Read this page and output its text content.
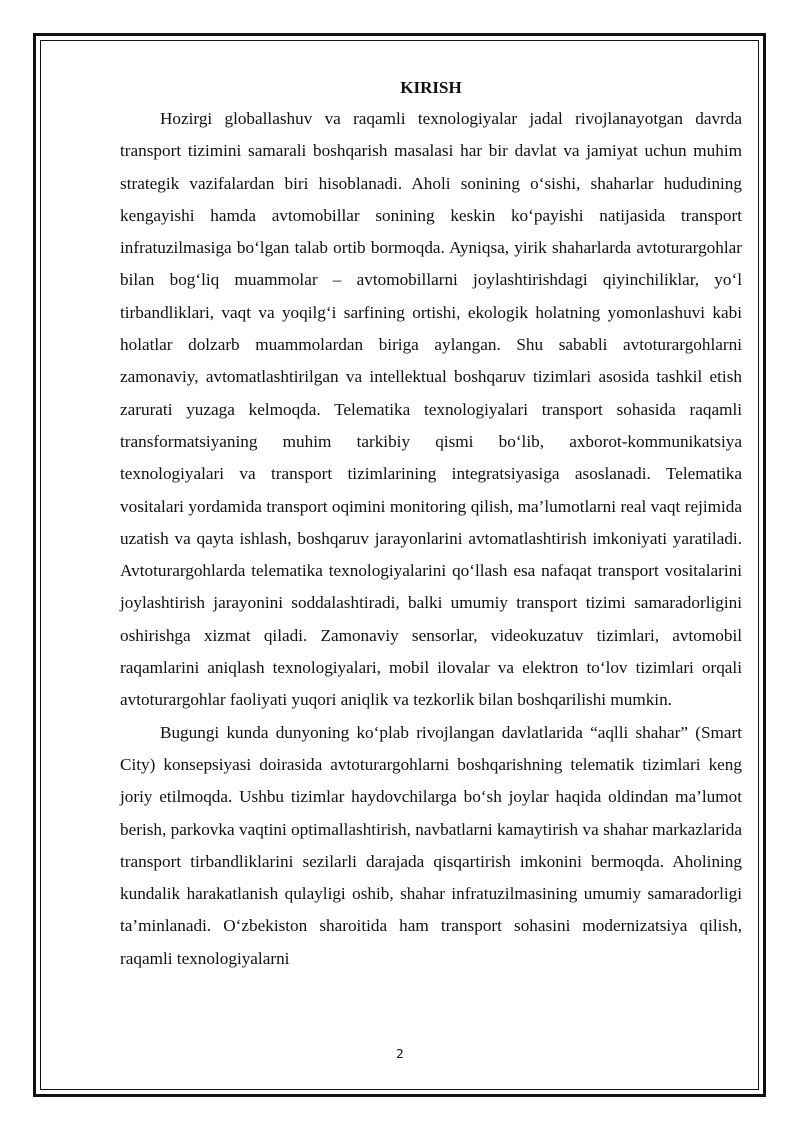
KIRISH

Hozirgi globallashuv va raqamli texnologiyalar jadal rivojlanayotgan davrda transport tizimini samarali boshqarish masalasi har bir davlat va jamiyat uchun muhim strategik vazifalardan biri hisoblanadi. Aholi sonining o‘sishi, shaharlar hududining kengayishi hamda avtomobillar sonining keskin ko‘payishi natijasida transport infratuzilmasiga bo‘lgan talab ortib bormoqda. Ayniqsa, yirik shaharlarda avtoturargohlar bilan bog‘liq muammolar – avtomobillarni joylashtirishdagi qiyinchiliklar, yo‘l tirbandliklari, vaqt va yoqilg‘i sarfining ortishi, ekologik holatning yomonlashuvi kabi holatlar dolzarb muammolardan biriga aylangan. Shu sababli avtoturargohlarni zamonaviy, avtomatlashtirilgan va intellektual boshqaruv tizimlari asosida tashkil etish zarurati yuzaga kelmoqda. Telematika texnologiyalari transport sohasida raqamli transformatsiyaning muhim tarkibiy qismi bo‘lib, axborot-kommunikatsiya texnologiyalari va transport tizimlarining integratsiyasiga asoslanadi. Telematika vositalari yordamida transport oqimini monitoring qilish, ma’lumotlarni real vaqt rejimida uzatish va qayta ishlash, boshqaruv jarayonlarini avtomatlashtirish imkoniyati yaratiladi. Avtoturargohlarda telematika texnologiyalarini qo‘llash esa nafaqat transport vositalarini joylashtirish jarayonini soddalashtiradi, balki umumiy transport tizimi samaradorligini oshirishga xizmat qiladi. Zamonaviy sensorlar, videokuzatuv tizimlari, avtomobil raqamlarini aniqlash texnologiyalari, mobil ilovalar va elektron to‘lov tizimlari orqali avtoturargohlar faoliyati yuqori aniqlik va tezkorlik bilan boshqarilishi mumkin.

Bugungi kunda dunyoning ko‘plab rivojlangan davlatlarida “aqlli shahar” (Smart City) konsepsiyasi doirasida avtoturargohlarni boshqarishning telematik tizimlari keng joriy etilmoqda. Ushbu tizimlar haydovchilarga bo‘sh joylar haqida oldindan ma’lumot berish, parkovka vaqtini optimallashtirish, navbatlarni kamaytirish va shahar markazlarida transport tirbandliklarini sezilarli darajada qisqartirish imkonini bermoqda. Aholining kundalik harakatlanish qulayligi oshib, shahar infratuzilmasining umumiy samaradorligi ta’minlanadi. O‘zbekiston sharoitida ham transport sohasini modernizatsiya qilish, raqamli texnologiyalarni

2
